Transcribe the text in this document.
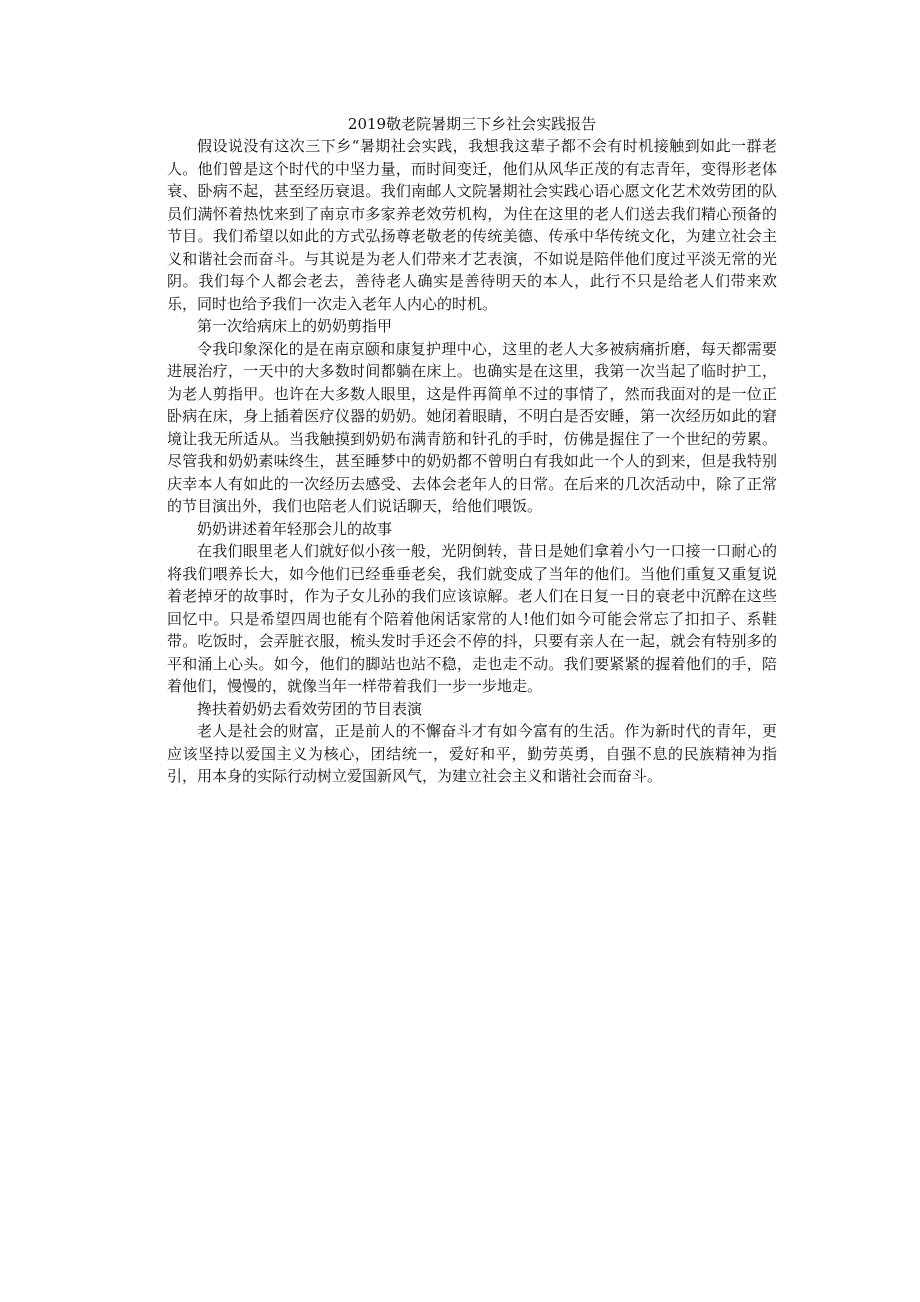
2019敬老院暑期三下乡社会实践报告

假设说没有这次三下乡“暑期社会实践，我想我这辈子都不会有时机接触到如此一群老人。他们曾是这个时代的中坚力量，而时间变迁，他们从风华正茂的有志青年，变得形老体衰、卧病不起，甚至经历衰退。我们南邮人文院暑期社会实践心语心愿文化艺术效劳团的队员们满怀着热忱来到了南京市多家养老效劳机构，为住在这里的老人们送去我们精心预备的节目。我们希望以如此的方式弘扬尊老敬老的传统美德、传承中华传统文化，为建立社会主 义和谐社会而奋斗。与其说是为老人们带来才艺表演，不如说是陪伴他们度过平淡无常的光阴。我们每个人都会老去，善待老人确实是善待明天的本人，此行不只是给老人们带来欢乐，同时也给予我们一次走入老年人内心的时机。

第一次给病床上的奶奶剪指甲

令我印象深化的是在南京颐和康复护理中心，这里的老人大多被病痛折磨，每天都需要进展治疗，一天中的大多数时间都躺在床上。也确实是在这里，我第一次当起了临时护工，为老人剪指甲。也许在大多数人眼里，这是件再简单不过的事情了，然而我面对的是一位正卧病在床，身上插着医疗仪器的奶奶。她闭着眼睛，不明白是否安睡，第一次经历如此的窘境让我无所适从。当我触摸到奶奶布满青筋和针孔的手时，仿佛是握住了一个世纪的劳累。尽管我和奶奶素味终生，甚至睡梦中的奶奶都不曾明白有我如此一个人的到来，但是我特别庆幸本人有如此的一次经历去感受、去体会老年人的日常。在后来的几次活动中，除了正常的节目演出外，我们也陪老人们说话聊天，给他们喂饭。

奶奶讲述着年轻那会儿的故事

在我们眼里老人们就好似小孩一般，光阴倒转，昔日是她们拿着小勺一口接一口耐心的将我们喂养长大，如今他们已经垂垂老矣，我们就变成了当年的他们。当他们重复又重复说着老掉牙的故事时，作为子女儿孙的我们应该谅解。老人们在日复一日的衰老中沉醉在这些回忆中。只是希望四周也能有个陪着他闲话家常的人!他们如今可能会常忘了扣扣子、系鞋带。吃饭时，会弄脏衣服，梳头发时手还会不停的抖，只要有亲人在一起，就会有特别多的平和涌上心头。如今，他们的脚站也站不稳，走也走不动。我们要紧紧的握着他们的手，陪着他们，慢慢的，就像当年一样带着我们一步一步地走。

搀扶着奶奶去看效劳团的节目表演

老人是社会的财富，正是前人的不懈奋斗才有如今富有的生活。作为新时代的青年，更应该坚持以爱国主义为核心，团结统一，爱好和平，勤劳英勇，自强不息的民族精神为指引，用本身的实际行动树立爱国新风气，为建立社会主义和谐社会而奋斗。
